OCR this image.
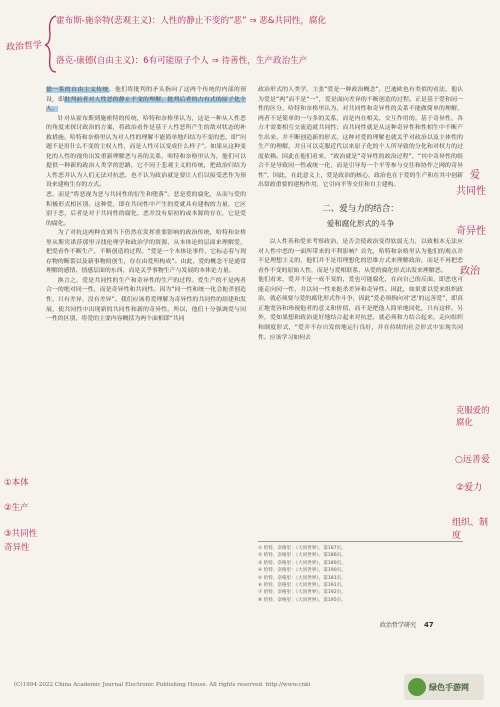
政治哲学
霍布斯-施奈特(悲观主义)：人性的静止不变的“恶” ⇒ 恶&共同性，腐化
洛克-康德(自由主义)：6有可能原子个人 ⇒ 待善性，生产政治生产

德一系的自由主义传统。他们将批判的矛头指向了这两个传统的内部的预设，即批判前者对人性恶的静止不变的理解，批判后者的占有式的原子化个人。

针对从霍布斯到施密特的传统，哈特和奈格里认为，这是一种从人性恶的角度来探讨政治的方案，将政治看作是基于人性恶所产生的敌对状态的补救措施。哈特和奈格里认为对人性的理解不能简单地归结为不变的恶，即“问题不是用什么不变的主权人性，而是人性可以变成什么样子”。如果从这种变化的人性的视角出发重新理解恶与善的关系，哈特和奈格里认为，他们可以提供一种新的政治人类学的思路，它不同于悲观主义的传统，把政治归结为人性恶并认为人们无法对抗恶，也不认为政治就是要让人们以接受恶作为预设来建构生存的方式。

恶，而是“将恶视为恶与共同性的衍生和堕落”。恶是爱的腐化，从而与爱的积极形式相区别。这种爱，即在共同性中产生的爱就具有建构的力量，它区别于恶，后者是对于共同性的腐化，恶并没有原初的或本源的存在，它是爱的腐化。

为了对抗这两种直到当下仍然在发挥重要影响的政治传统，哈特和奈格里从斯宾诺莎那里寻找伦理学和政治学的资源，从本体论的层面来理解爱，把爱看作不断生产，不断创造的过程。“爱是一个本体论事件，它标志着与现存物的断裂以及新事物的创生，存在由爱所构成”。由此，爱的概念不是通常理解的感情、情感层面的东西，而是关乎事物生产与发展的本体论力量。

换言之，爱是共同性的生产和奇异性的生产的过程。爱生产的不是两者合一的绝对同一性，而是奇异性和共同性。因为“同一性和统一化会扼杀创造性，只有差异、没有差异”。我们应该将爱理解为奇异性的共同性的组建和发展，使共同性中出现新的共同性和新的奇异性。所以，他们十分强调爱与同一性的区别，将爱的主要内容概括为两个面相即“共同

①本体
②生产
③共同性
奇异性

政治形式的人类学，主张“爱是一种政治概念”，巴迪欧也有类似的看法，他认为爱是“两”而不是“一”，爱是面向差异的不断创造的过程。正是基于爱和同一性的区分，哈特和奈格里认为，对共同性和奇异性的关系不能做简单的理解，两者不是简单的一与多的关系，而是内在相关、交互作用的。基于奇异性，各方才需要相互交流造就共同性；而共同性就是从这种奇异性和性相生中不断产生出来，并不断创造新的形式。这种对爱的理解也就关乎对政治以及主体性的生产的理解，并且可以克服近代以来原子化的个人所导致的分化和对权力的过度依赖。因此在他们看来，“政治就是“奇异性的政治过程”，“其中奇异性的组合不是导致同一性或统一化，而是引导每一个平等参与交往和协作之网的奇异性”，因此，在此意义上，爱是政治的核心，政治也在于爱的生产和在其中创新出常政重要的建构作用，它引向平等交往和自主建构。

二、爱与力的结合：
爱和腐化形式的斗争

以人性善和爱来考察政治，是否会使政治变得软弱无力，以致根本无法应对人性中恶的一面所带来的不利影响？首先，哈特和奈格里认为他们的观点并不是理想主义的，他们并不是用理想化的思维方式来理解政治，而是不再把恶看作不变的原始人性，而是与爱相联系、从爱的腐化形式出发来理解恶。

他们看来，爱并不是一成不变的，爱也可能腐化，在向自己的反面，即恶也可能走向同一性，并以同一性来扼杀差异和奇异性。因此，如果要以爱来组织政治，就必须要与爱的腐化形式作斗争，因此“爱必须指向对‘恶’的远善爱”，即真正地宽容和珍视他者的意义和价值，而不是把他人简单地同化，只有这样，另外，爱如果想和政治更好地结合起来对抗恶，就必须和力结合起来，走向组织和制度形式，“爱并不存自发的地运行良好，并在持续的社会形式中实现共同性。应该学习如何去

① 哈特、奈格里：《大同世界》，第187页。
② 哈特、奈格里：《大同世界》，第186页。
③ 哈特、奈格里：《大同世界》，第189页。
④ 哈特、奈格里：《大同世界》，第190页。
⑤ 哈特、奈格里：《大同世界》，第181页。
⑥ 哈特、奈格里：《大同世界》，第191页。
⑦ 哈特、奈格里：《大同世界》，第192页。
⑧ 哈特、奈格里：《大同世界》，第195页。
政治哲学研究 47
爱
共同性
奇异性
政治
克服爱的腐化
○远善爱
②爱力
组织、制度
(C)1994-2022 China Academic Journal Electronic Publishing House. All rights reserved. http://www.cnki	绿色手游网
